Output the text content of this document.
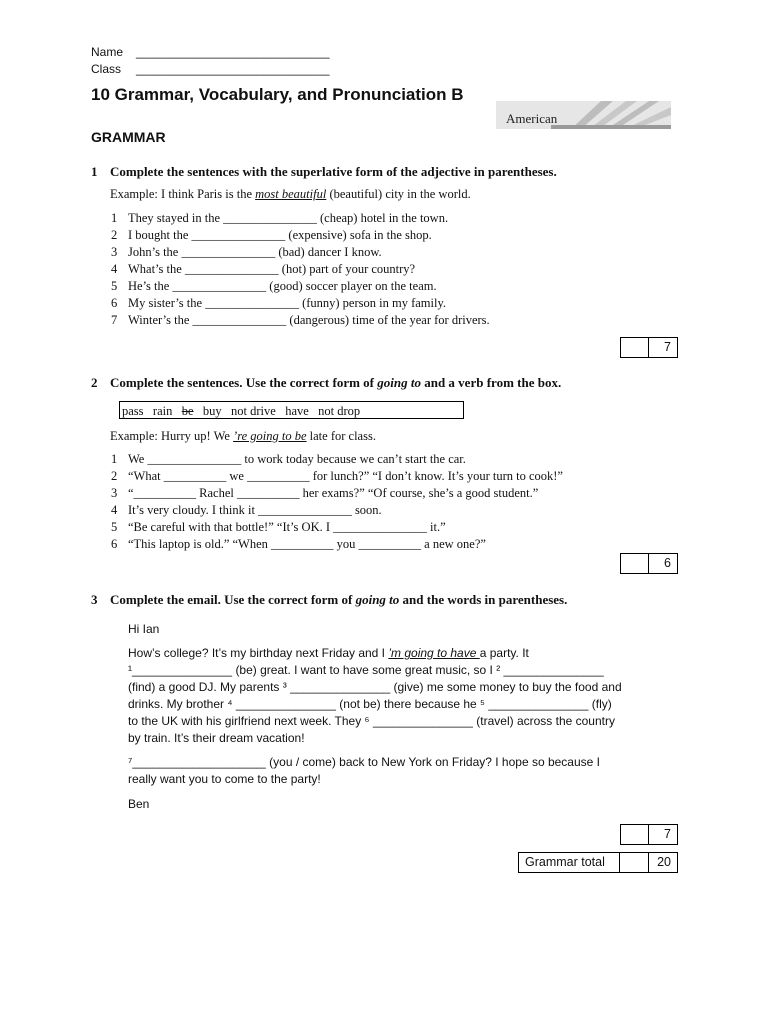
Name _____________________________
Class _____________________________
10 Grammar, Vocabulary, and Pronunciation B
American
GRAMMAR
1 Complete the sentences with the superlative form of the adjective in parentheses.
Example: I think Paris is the most beautiful (beautiful) city in the world.
1 They stayed in the _______________ (cheap) hotel in the town.
2 I bought the _______________ (expensive) sofa in the shop.
3 John’s the _______________ (bad) dancer I know.
4 What’s the _______________ (hot) part of your country?
5 He’s the _______________ (good) soccer player on the team.
6 My sister’s the _______________ (funny) person in my family.
7 Winter’s the _______________ (dangerous) time of the year for drivers.
7
2 Complete the sentences. Use the correct form of going to and a verb from the box.
pass   rain   be   buy   not drive   have   not drop
Example: Hurry up! We ’re going to be late for class.
1 We _______________ to work today because we can’t start the car.
2 “What __________ we __________ for lunch?” “I don’t know. It’s your turn to cook!”
3 “__________ Rachel __________ her exams?” “Of course, she’s a good student.”
4 It’s very cloudy. I think it _______________ soon.
5 “Be careful with that bottle!” “It’s OK. I _______________ it.”
6 “This laptop is old.” “When __________ you __________ a new one?”
6
3 Complete the email. Use the correct form of going to and the words in parentheses.
Hi Ian
How’s college? It’s my birthday next Friday and I ’m going to have a party. It
¹_______________ (be) great. I want to have some great music, so I ² _______________
(find) a good DJ. My parents ³ _______________ (give) me some money to buy the food and
drinks. My brother ⁴ _______________ (not be) there because he ⁵ _______________ (fly)
to the UK with his girlfriend next week. They ⁶ _______________ (travel) across the country
by train. It’s their dream vacation!
⁷____________________ (you / come) back to New York on Friday? I hope so because I
really want you to come to the party!
Ben
7
Grammar total	20
